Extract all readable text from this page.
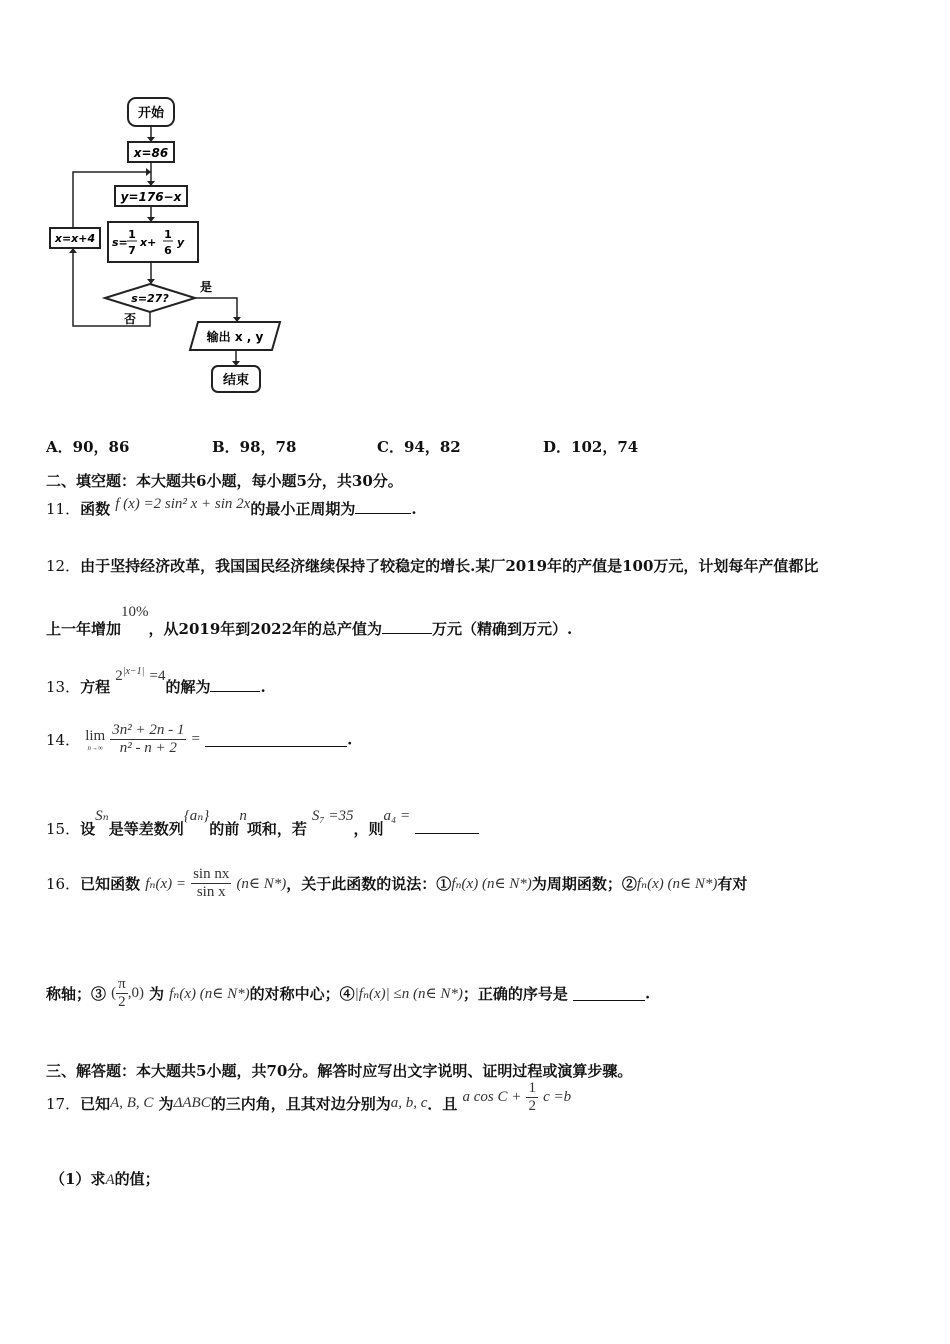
开始
x=86
y=176−x
s=
1
7
x+
1
6
y
s=27?
是
否
x=x+4
输出 x , y
结束
A．90，86	B．98，78	C．94，82	D．102，74
二、填空题：本大题共6小题，每小题5分，共30分。
11．函数 f (x) =2 sin² x + sin 2x的最小正周期为	.
12．由于坚持经济改革，我国国民经济继续保持了较稳定的增长.某厂2019年的产值是100万元，计划每年产值都比
上一年增加10%，从2019年到2022年的总产值为	万元（精确到万元）.
13．方程 $2^{|x-1|} =4$的解为	.
14． lim
n→∞
$\frac{\text{3n² + 2n - 1}}{\text{n² - n + 2}}$ =	.
15．设Sₙ是等差数列{aₙ}的前n项和，若 S₇ =35，则a₄ =
16．已知函数 $f_n(x) = \frac{\text{sin nx}}{\text{sin x}}$ (n∈ N*)，关于此函数的说法：①fₙ(x) (n∈ N*)为周期函数；②fₙ(x) (n∈ N*)有对
称轴；③ ( $\frac{\pi}{2} ,0$) 为 fₙ(x) (n∈ N*)的对称中心；④|fₙ(x)| ≤n (n∈ N*)；正确的序号是	.
三、解答题：本大题共5小题，共70分。解答时应写出文字说明、证明过程或演算步骤。
17．已知A, B, C 为ΔABC的三内角，且其对边分别为a, b, c．且 a $\cos C + \frac{1}{2}$ c =b
（1）求A的值；
